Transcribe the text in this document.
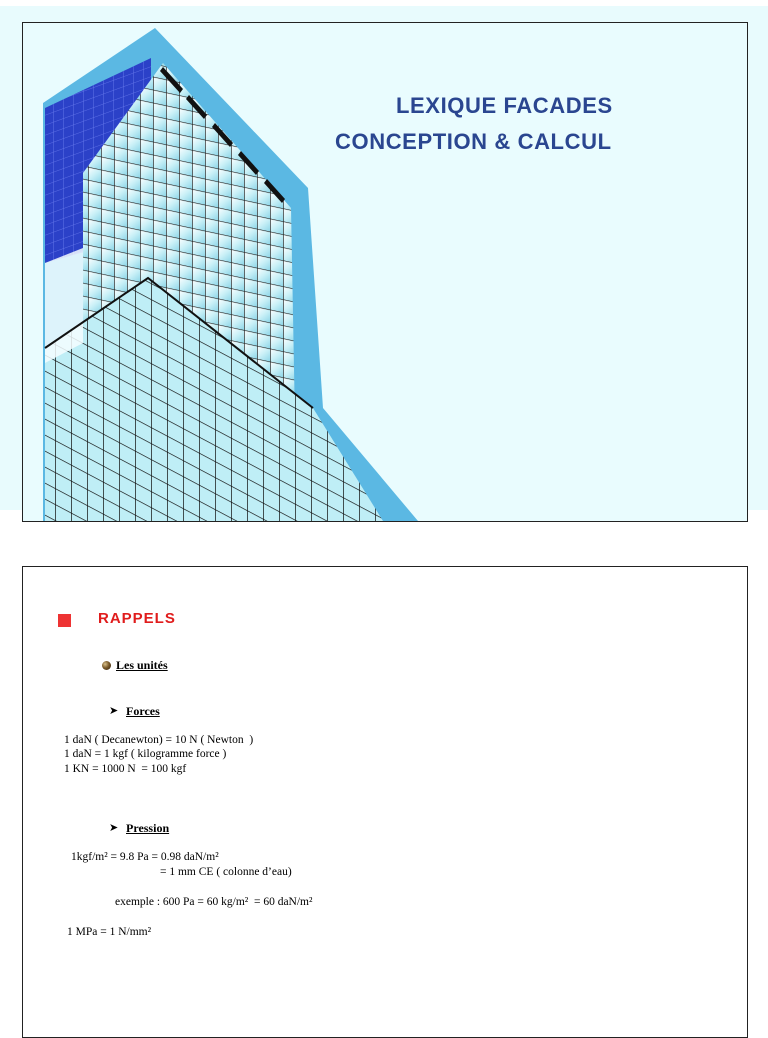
LEXIQUE FACADES
CONCEPTION & CALCUL
RAPPELS
Les unités
➤ Forces
1 daN ( Decanewton) = 10 N ( Newton  )
1 daN = 1 kgf ( kilogramme force )
1 KN = 1000 N  = 100 kgf
➤ Pression
1kgf/m² = 9.8 Pa = 0.98 daN/m²
= 1 mm CE ( colonne d’eau)
exemple : 600 Pa = 60 kg/m²  = 60 daN/m²
1 MPa = 1 N/mm²
